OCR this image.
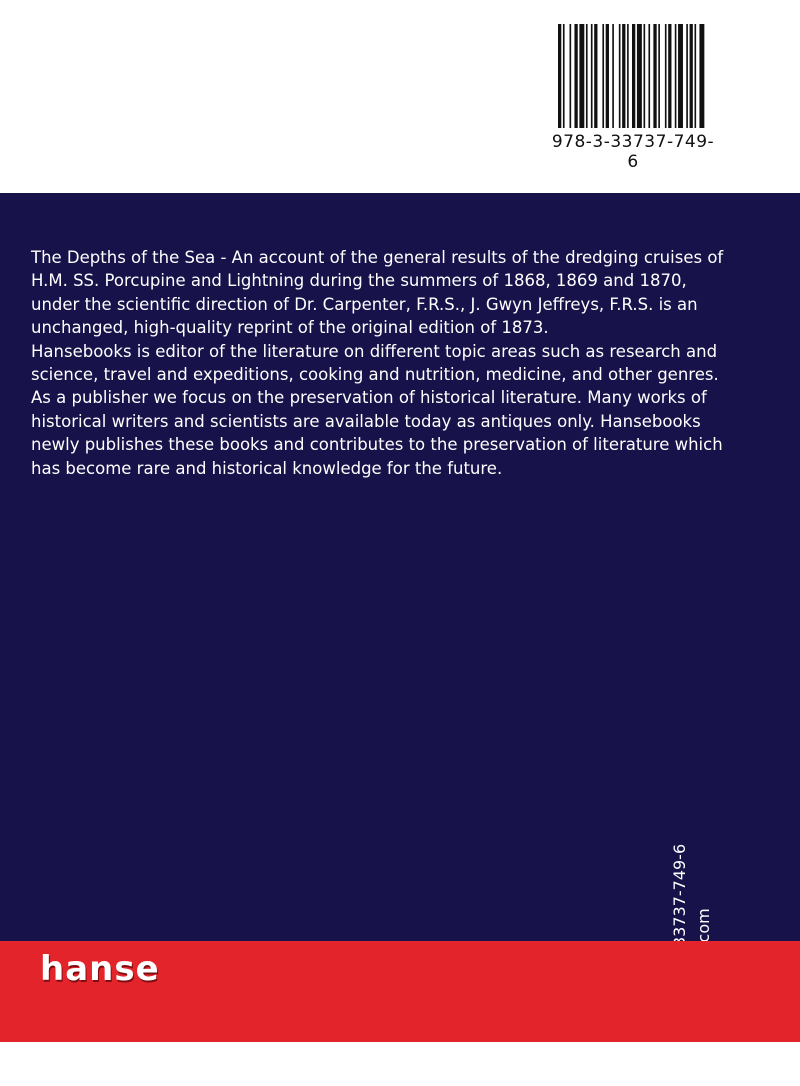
978-3-33737-749-6

The Depths of the Sea - An account of the general results of the dredging cruises of H.M. SS. Porcupine and Lightning during the summers of 1868, 1869 and 1870, under the scientific direction of Dr. Carpenter, F.R.S., J. Gwyn Jeffreys, F.R.S. is an unchanged, high-quality reprint of the original edition of 1873.

Hansebooks is editor of the literature on different topic areas such as research and science, travel and expeditions, cooking and nutrition, medicine, and other genres. As a publisher we focus on the preservation of historical literature. Many works of historical writers and scientists are available today as antiques only. Hansebooks newly publishes these books and contributes to the preservation of literature which has become rare and historical knowledge for the future.

hanse
